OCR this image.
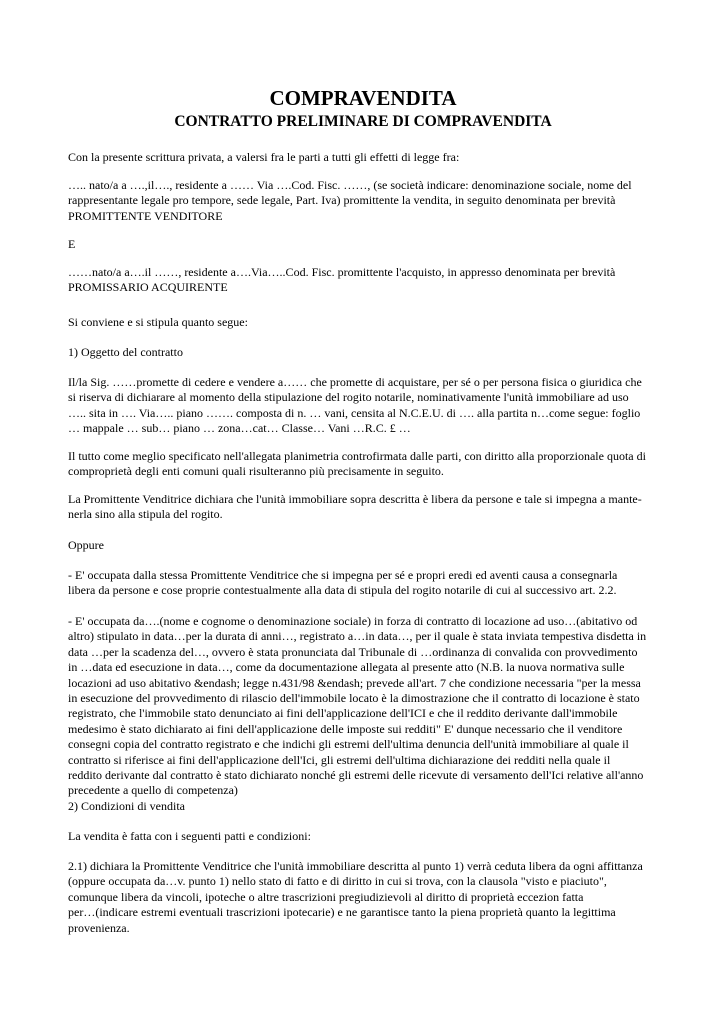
COMPRAVENDITA
CONTRATTO PRELIMINARE DI COMPRAVENDITA
Con la presente scrittura privata, a valersi fra le parti a tutti gli effetti di legge fra:
….. nato/a a ….,il…., residente a …… Via ….Cod. Fisc. ……, (se società indicare: denominazione sociale, nome del
rappresentante legale pro tempore, sede legale, Part. Iva) promittente la vendita, in seguito denominata per brevità
PROMITTENTE VENDITORE
E
……nato/a a….il ……, residente a….Via…..Cod. Fisc. promittente l'acquisto, in appresso denominata per brevità
PROMISSARIO ACQUIRENTE
Si conviene e si stipula quanto segue:
1) Oggetto del contratto
Il/la Sig. ……promette di cedere e vendere a…… che promette di acquistare, per sé o per persona fisica o giuridica che
si riserva di dichiarare al momento della stipulazione del rogito notarile, nominativamente l'unità immobiliare ad uso
….. sita in …. Via….. piano ……. composta di n. … vani, censita al N.C.E.U. di …. alla partita n…come segue: foglio
… mappale … sub… piano … zona…cat… Classe… Vani …R.C. £ …
Il tutto come meglio specificato nell'allegata planimetria controfirmata dalle parti, con diritto alla proporzionale quota di
comproprietà degli enti comuni quali risulteranno più precisamente in seguito.
La Promittente Venditrice dichiara che l'unità immobiliare sopra descritta è libera da persone e tale si impegna a mante-
nerla sino alla stipula del rogito.
Oppure
- E' occupata dalla stessa Promittente Venditrice che si impegna per sé e propri eredi ed aventi causa a consegnarla
libera da persone e cose proprie contestualmente alla data di stipula del rogito notarile di cui al successivo art. 2.2.
- E' occupata da….(nome e cognome o denominazione sociale) in forza di contratto di locazione ad uso…(abitativo od
altro) stipulato in data…per la durata di anni…, registrato a…in data…, per il quale è stata inviata tempestiva disdetta in
data …per la scadenza del…, ovvero è stata pronunciata dal Tribunale di …ordinanza di convalida con provvedimento
in …data ed esecuzione in data…, come da documentazione allegata al presente atto (N.B. la nuova normativa sulle
locazioni ad uso abitativo &endash; legge n.431/98 &endash; prevede all'art. 7 che condizione necessaria "per la messa
in esecuzione del provvedimento di rilascio dell'immobile locato è la dimostrazione che il contratto di locazione è stato
registrato, che l'immobile stato denunciato ai fini dell'applicazione dell'ICI e che il reddito derivante dall'immobile
medesimo è stato dichiarato ai fini dell'applicazione delle imposte sui redditi" E' dunque necessario che il venditore
consegni copia del contratto registrato e che indichi gli estremi dell'ultima denuncia dell'unità immobiliare al quale il
contratto si riferisce ai fini dell'applicazione dell'Ici, gli estremi dell'ultima dichiarazione dei redditi nella quale il
reddito derivante dal contratto è stato dichiarato nonché gli estremi delle ricevute di versamento dell'Ici relative all'anno
precedente a quello di competenza)
2) Condizioni di vendita
La vendita è fatta con i seguenti patti e condizioni:
2.1) dichiara la Promittente Venditrice che l'unità immobiliare descritta al punto 1) verrà ceduta libera da ogni affittanza
(oppure occupata da…v. punto 1) nello stato di fatto e di diritto in cui si trova, con la clausola "visto e piaciuto",
comunque libera da vincoli, ipoteche o altre trascrizioni pregiudizievoli al diritto di proprietà eccezion fatta
per…(indicare estremi eventuali trascrizioni ipotecarie) e ne garantisce tanto la piena proprietà quanto la legittima
provenienza.
